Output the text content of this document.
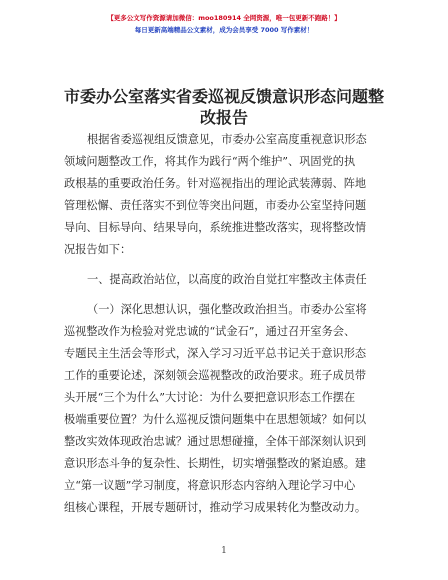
【更多公文写作资源请加微信：moo180914 全网资源，唯一包更新不跑路！】
每日更新高端精品公文素材，成为会员享受 7000 写作素材！
市委办公室落实省委巡视反馈意识形态问题整
改报告
根据省委巡视组反馈意见，市委办公室高度重视意识形态
领域问题整改工作，将其作为践行“两个维护”、巩固党的执
政根基的重要政治任务。针对巡视指出的理论武装薄弱、阵地
管理松懈、责任落实不到位等突出问题，市委办公室坚持问题
导向、目标导向、结果导向，系统推进整改落实，现将整改情
况报告如下：
一、提高政治站位，以高度的政治自觉扛牢整改主体责任
（一）深化思想认识，强化整改政治担当。市委办公室将
巡视整改作为检验对党忠诚的“试金石”，通过召开室务会、
专题民主生活会等形式，深入学习习近平总书记关于意识形态
工作的重要论述，深刻领会巡视整改的政治要求。班子成员带
头开展“三个为什么”大讨论：为什么要把意识形态工作摆在
极端重要位置？为什么巡视反馈问题集中在思想领域？如何以
整改实效体现政治忠诚？通过思想碰撞，全体干部深刻认识到
意识形态斗争的复杂性、长期性，切实增强整改的紧迫感。建
立“第一议题”学习制度，将意识形态内容纳入理论学习中心
组核心课程，开展专题研讨，推动学习成果转化为整改动力。
1
